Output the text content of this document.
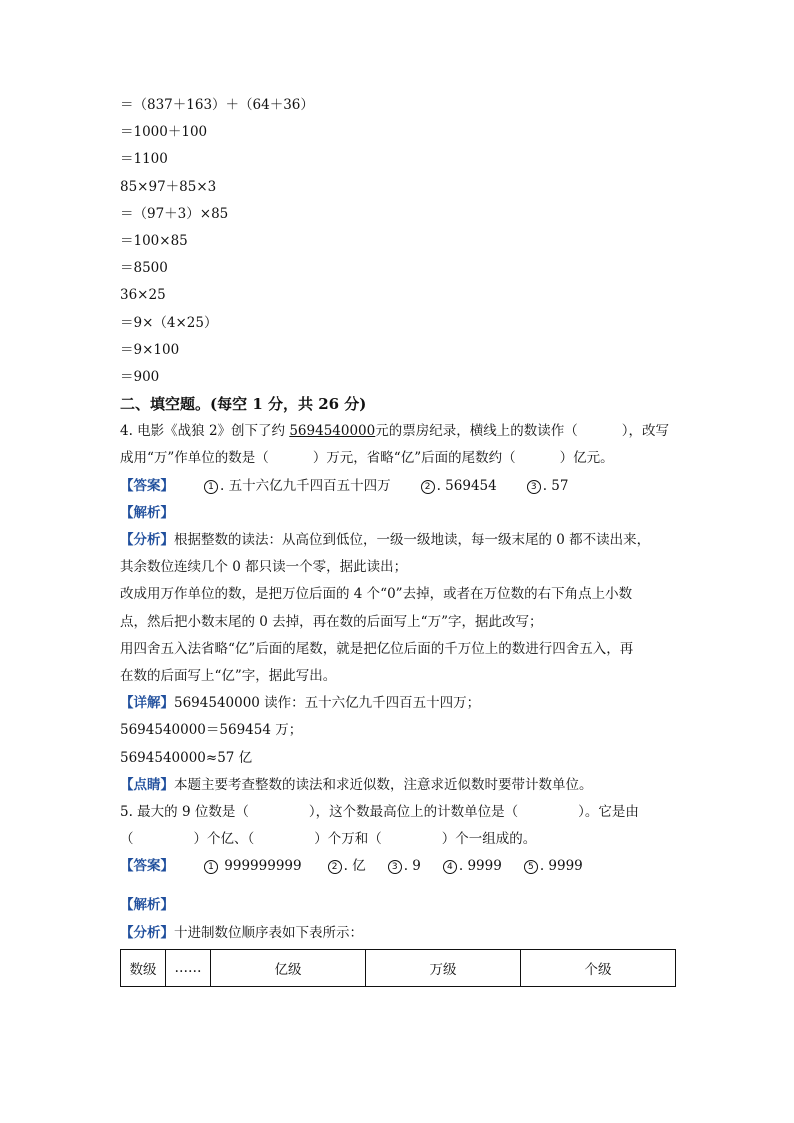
＝（837＋163）＋（64＋36）
＝1000＋100
＝1100
85×97＋85×3
＝（97＋3）×85
＝100×85
＝8500
36×25
＝9×（4×25）
＝9×100
＝900
二、填空题。(每空 1 分，共 26 分)
4. 电影《战狼 2》创下了约 5694540000元的票房纪录，横线上的数读作（	），改写
成用“万”作单位的数是（	）万元，省略“亿”后面的尾数约（	）亿元。
【答案】	1 . 五十六亿九千四百五十四万	2 . 569454	3 . 57
【解析】
【分析】根据整数的读法：从高位到低位，一级一级地读，每一级末尾的 0 都不读出来，
其余数位连续几个 0 都只读一个零，据此读出；
改成用万作单位的数，是把万位后面的 4 个“0”去掉，或者在万位数的右下角点上小数
点，然后把小数末尾的 0 去掉，再在数的后面写上“万”字，据此改写；
用四舍五入法省略“亿”后面的尾数，就是把亿位后面的千万位上的数进行四舍五入，再
在数的后面写上“亿”字，据此写出。
【详解】5694540000 读作：五十六亿九千四百五十四万；
5694540000＝569454 万；
5694540000≈57 亿
【点睛】本题主要考查整数的读法和求近似数，注意求近似数时要带计数单位。
5. 最大的 9 位数是（	），这个数最高位上的计数单位是（	）。它是由
（	）个亿、（	）个万和（	）个一组成的。
【答案】	1 999999999	2 . 亿	3 . 9	4 . 9999	5 . 9999
【解析】
【分析】十进制数位顺序表如下表所示：
数级	……	亿级	万级	个级
